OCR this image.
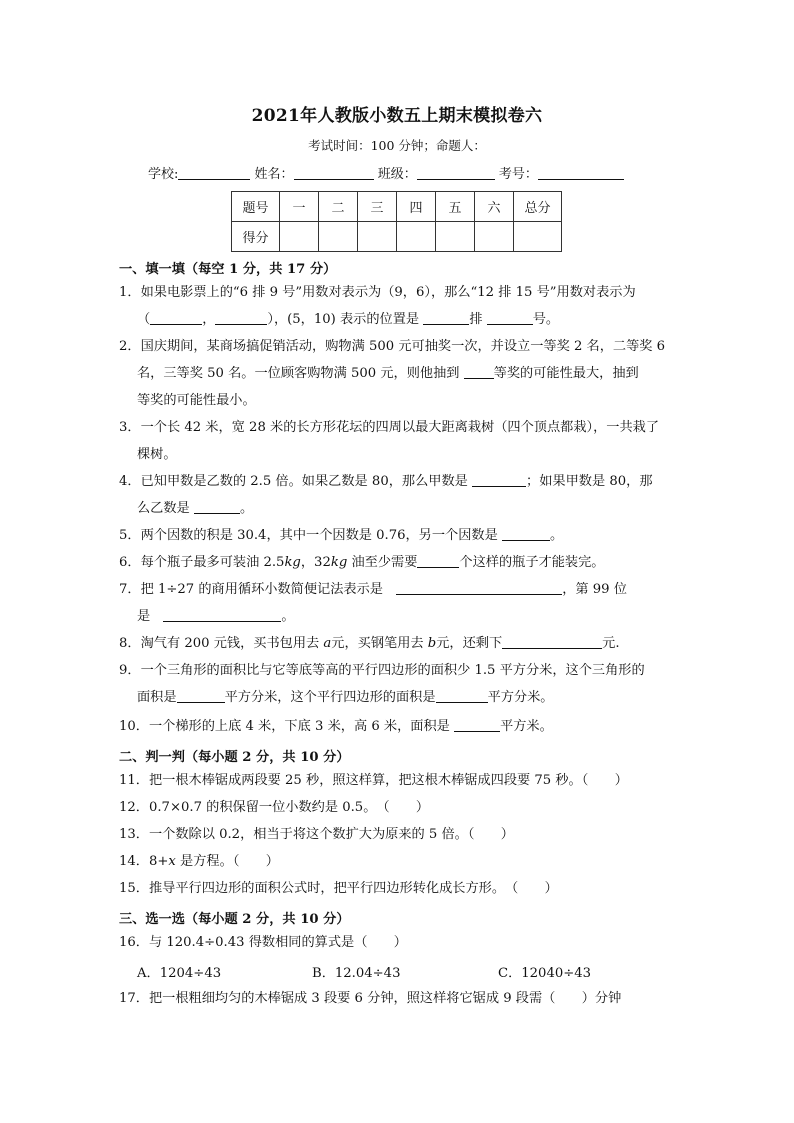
2021年人教版小数五上期末模拟卷六
考试时间：100 分钟；命题人：
学校:	姓名：	班级：	考号：
题号	一	二	三	四	五	六	总分
得分							
一、填一填（每空 1 分，共 17 分）
1．如果电影票上的“6 排 9 号”用数对表示为（9，6），那么“12 排 15 号”用数对表示为
（	，	），(5，10) 表示的位置是	排	号。
2．国庆期间，某商场搞促销活动，购物满 500 元可抽奖一次，并设立一等奖 2 名，二等奖 6
名，三等奖 50 名。一位顾客购物满 500 元，则他抽到	等奖的可能性最大，抽到
等奖的可能性最小。
3．一个长 42 米，宽 28 米的长方形花坛的四周以最大距离栽树（四个顶点都栽），一共栽了
棵树。
4．已知甲数是乙数的 2.5 倍。如果乙数是 80，那么甲数是	；如果甲数是 80，那
么乙数是	。
5．两个因数的积是 30.4，其中一个因数是 0.76，另一个因数是	。
6．每个瓶子最多可装油 2.5kg，32kg 油至少需要	个这样的瓶子才能装完。
7．把 1÷27 的商用循环小数简便记法表示是　	，第 99 位
是　	。
8．淘气有 200 元钱，买书包用去 a元，买钢笔用去 b元，还剩下	元.
9．一个三角形的面积比与它等底等高的平行四边形的面积少 1.5 平方分米，这个三角形的
面积是	平方分米，这个平行四边形的面积是	平方分米。
10．一个梯形的上底 4 米，下底 3 米，高 6 米，面积是	平方米。
二、判一判（每小题 2 分，共 10 分）
11．把一根木棒锯成两段要 25 秒，照这样算，把这根木棒锯成四段要 75 秒。（　　）
12．0.7×0.7 的积保留一位小数约是 0.5。　（　　）
13．一个数除以 0.2，相当于将这个数扩大为原来的 5 倍。（　　）
14．8+x 是方程。（　　）
15．推导平行四边形的面积公式时，把平行四边形转化成长方形。　（　　）
三、选一选（每小题 2 分，共 10 分）
16．与 120.4÷0.43 得数相同的算式是（　　）
A．1204÷43	B．12.04÷43	C．12040÷43
17．把一根粗细均匀的木棒锯成 3 段要 6 分钟，照这样将它锯成 9 段需（　　）分钟
